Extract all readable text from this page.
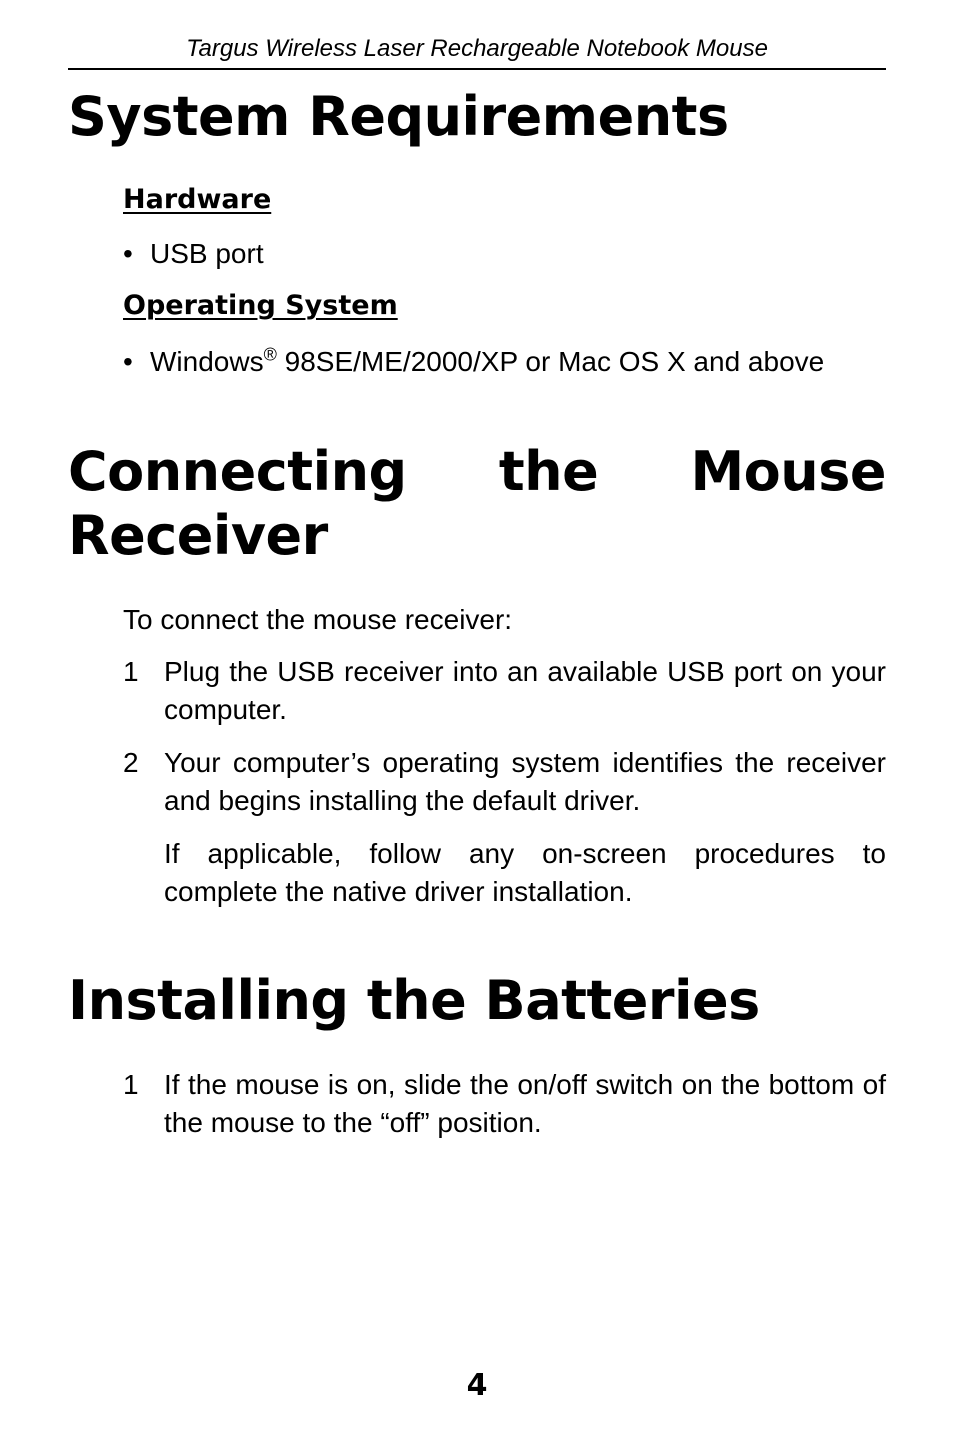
Targus Wireless Laser Rechargeable Notebook Mouse
System Requirements
Hardware
• USB port
Operating System
• Windows® 98SE/ME/2000/XP or Mac OS X and above
Connecting the Mouse
Receiver
To connect the mouse receiver:
1 Plug the USB receiver into an available USB port on your computer.
2 Your computer’s operating system identifies the receiver and begins installing the default driver.
If applicable, follow any on-screen procedures to complete the native driver installation.
Installing the Batteries
1 If the mouse is on, slide the on/off switch on the bottom of the mouse to the “off” position.
4
